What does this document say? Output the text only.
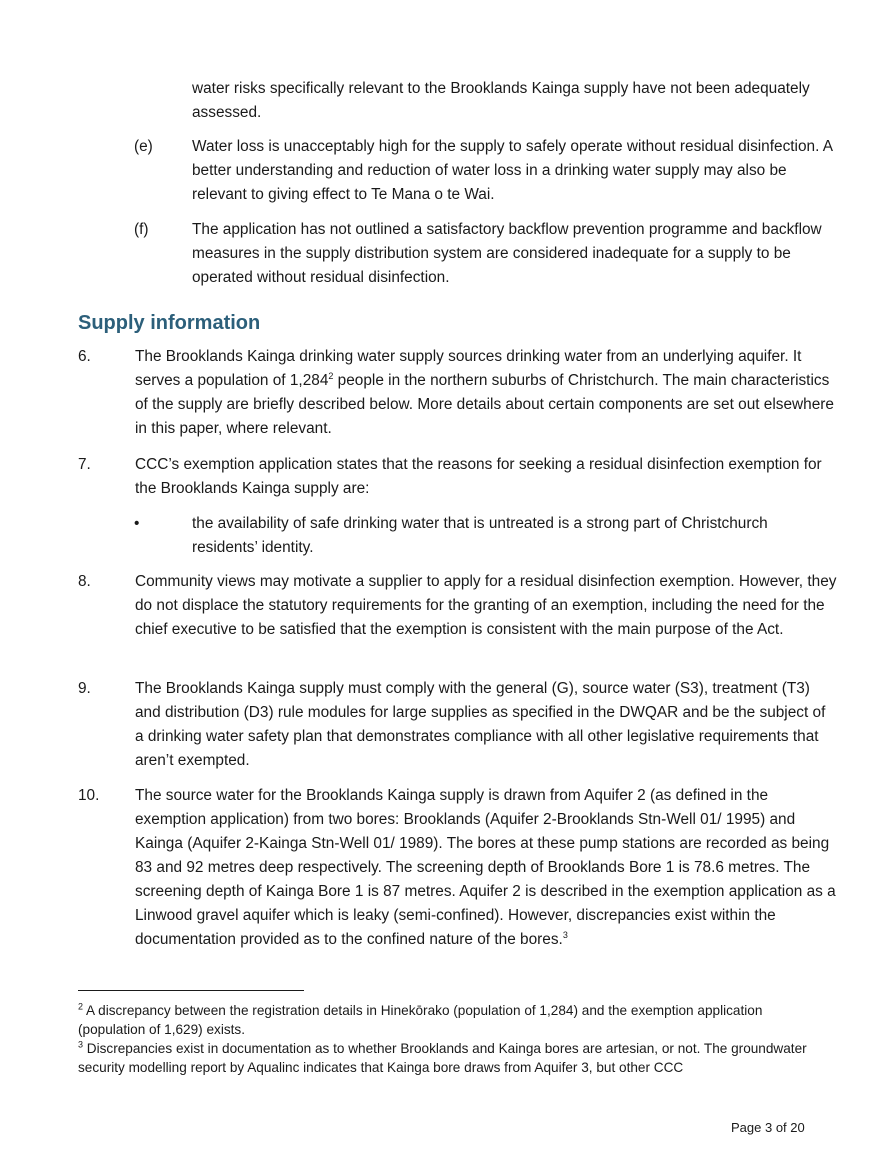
water risks specifically relevant to the Brooklands Kainga supply have not been adequately assessed.
(e)	Water loss is unacceptably high for the supply to safely operate without residual disinfection. A better understanding and reduction of water loss in a drinking water supply may also be relevant to giving effect to Te Mana o te Wai.
(f)	The application has not outlined a satisfactory backflow prevention programme and backflow measures in the supply distribution system are considered inadequate for a supply to be operated without residual disinfection.
Supply information
6.	The Brooklands Kainga drinking water supply sources drinking water from an underlying aquifer. It serves a population of 1,284$^2$ people in the northern suburbs of Christchurch. The main characteristics of the supply are briefly described below. More details about certain components are set out elsewhere in this paper, where relevant.
7.	CCC’s exemption application states that the reasons for seeking a residual disinfection exemption for the Brooklands Kainga supply are:
•	the availability of safe drinking water that is untreated is a strong part of Christchurch residents’ identity.
8.	Community views may motivate a supplier to apply for a residual disinfection exemption. However, they do not displace the statutory requirements for the granting of an exemption, including the need for the chief executive to be satisfied that the exemption is consistent with the main purpose of the Act.
9.	The Brooklands Kainga supply must comply with the general (G), source water (S3), treatment (T3) and distribution (D3) rule modules for large supplies as specified in the DWQAR and be the subject of a drinking water safety plan that demonstrates compliance with all other legislative requirements that aren’t exempted.
10. The source water for the Brooklands Kainga supply is drawn from Aquifer 2 (as defined in the exemption application) from two bores: Brooklands (Aquifer 2-Brooklands Stn-Well 01/ 1995) and Kainga (Aquifer 2-Kainga Stn-Well 01/ 1989). The bores at these pump stations are recorded as being 83 and 92 metres deep respectively. The screening depth of Brooklands Bore 1 is 78.6 metres. The screening depth of Kainga Bore 1 is 87 metres. Aquifer 2 is described in the exemption application as a Linwood gravel aquifer which is leaky (semi-confined). However, discrepancies exist within the documentation provided as to the confined nature of the bores.$^3$
$^2$ A discrepancy between the registration details in Hinekōrako (population of 1,284) and the exemption application (population of 1,629) exists.
$^3$ Discrepancies exist in documentation as to whether Brooklands and Kainga bores are artesian, or not. The groundwater security modelling report by Aqualinc indicates that Kainga bore draws from Aquifer 3, but other CCC
Page 3 of 20
